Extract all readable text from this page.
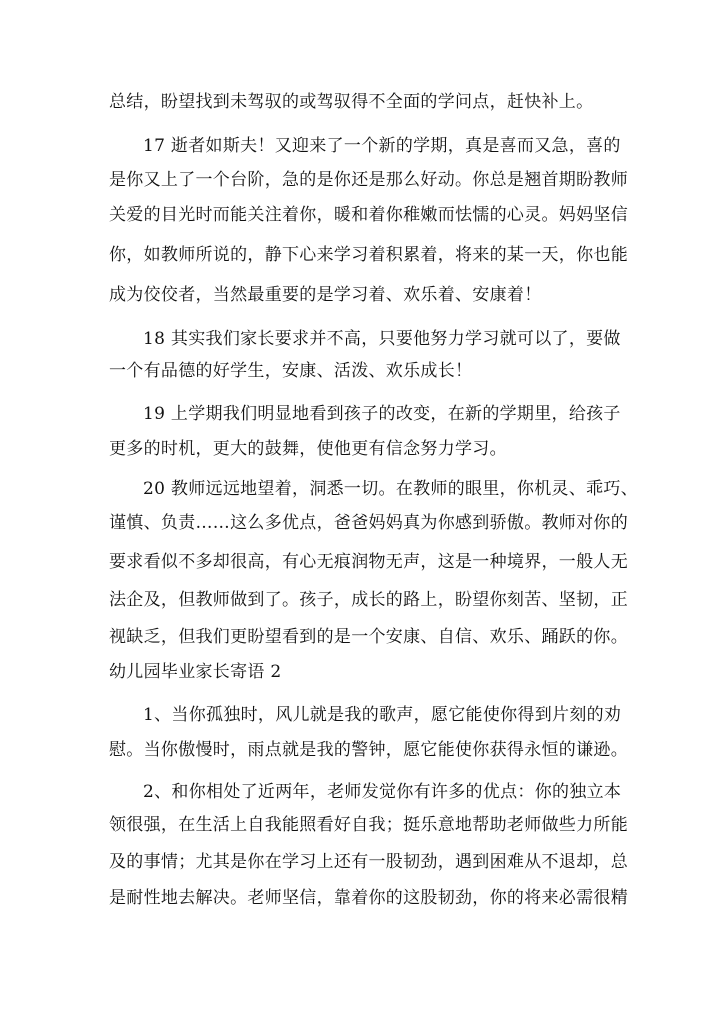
总结，盼望找到未驾驭的或驾驭得不全面的学问点，赶快补上。

17 逝者如斯夫！又迎来了一个新的学期，真是喜而又急，喜的

是你又上了一个台阶，急的是你还是那么好动。你总是翘首期盼教师

关爱的目光时而能关注着你，暖和着你稚嫩而怯懦的心灵。妈妈坚信

你，如教师所说的，静下心来学习着积累着，将来的某一天，你也能

成为佼佼者，当然最重要的是学习着、欢乐着、安康着！

18 其实我们家长要求并不高，只要他努力学习就可以了，要做

一个有品德的好学生，安康、活泼、欢乐成长！

19 上学期我们明显地看到孩子的改变，在新的学期里，给孩子

更多的时机，更大的鼓舞，使他更有信念努力学习。

20 教师远远地望着，洞悉一切。在教师的眼里，你机灵、乖巧、

谨慎、负责……这么多优点，爸爸妈妈真为你感到骄傲。教师对你的

要求看似不多却很高，有心无痕润物无声，这是一种境界，一般人无

法企及，但教师做到了。孩子，成长的路上，盼望你刻苦、坚韧，正

视缺乏，但我们更盼望看到的是一个安康、自信、欢乐、踊跃的你。

幼儿园毕业家长寄语 2

1、当你孤独时，风儿就是我的歌声，愿它能使你得到片刻的劝

慰。当你傲慢时，雨点就是我的警钟，愿它能使你获得永恒的谦逊。

2、和你相处了近两年，老师发觉你有许多的优点：你的独立本

领很强，在生活上自我能照看好自我；挺乐意地帮助老师做些力所能

及的事情；尤其是你在学习上还有一股韧劲，遇到困难从不退却，总

是耐性地去解决。老师坚信，靠着你的这股韧劲，你的将来必需很精
